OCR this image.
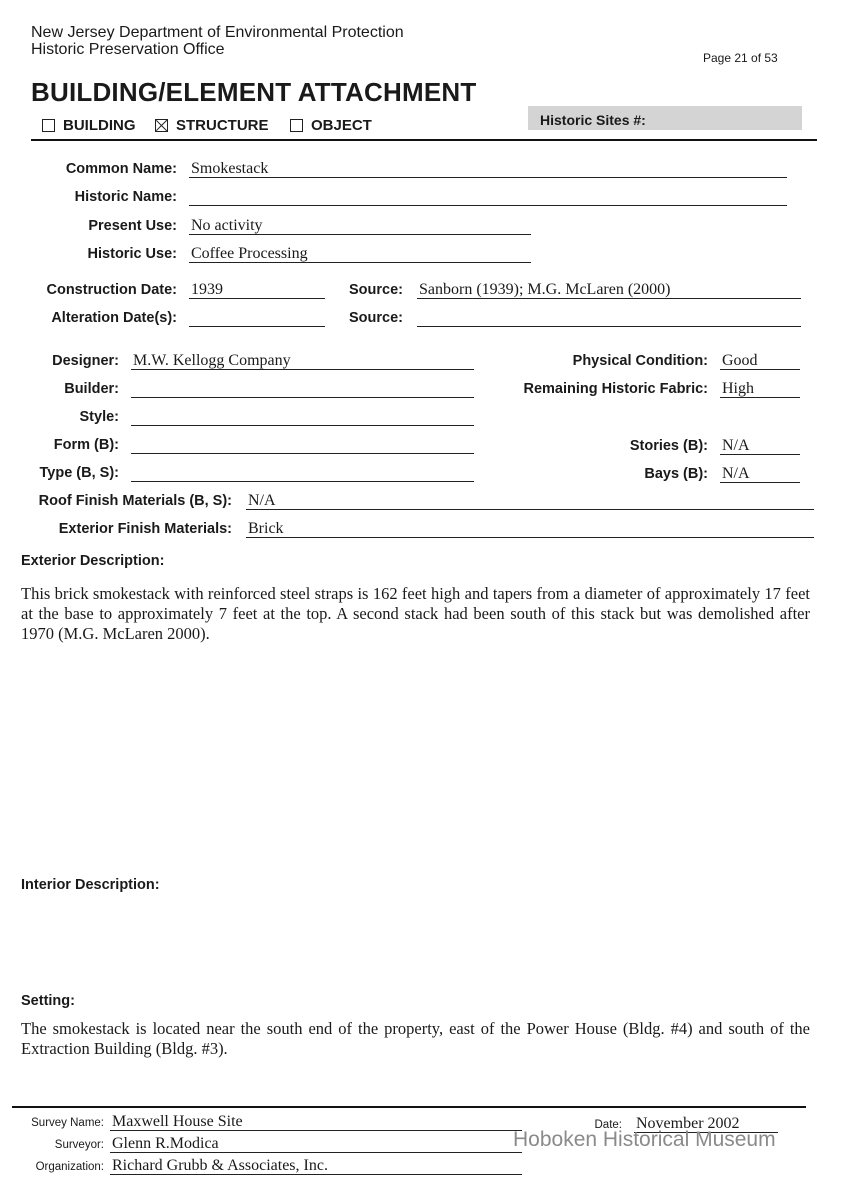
New Jersey Department of Environmental Protection
Historic Preservation Office	Page 21 of 53
BUILDING/ELEMENT ATTACHMENT
BUILDING	STRUCTURE	OBJECT	Historic Sites #:
Common Name: Smokestack
Historic Name:
Present Use: No activity
Historic Use: Coffee Processing
Construction Date: 1939	Source: Sanborn (1939); M.G. McLaren (2000)
Alteration Date(s):	Source:
Designer: M.W. Kellogg Company
Builder:
Style:
Form (B):
Type (B, S):
Physical Condition: Good
Remaining Historic Fabric: High
Stories (B): N/A
Bays (B): N/A
Roof Finish Materials (B, S): N/A
Exterior Finish Materials: Brick
Exterior Description:
This brick smokestack with reinforced steel straps is 162 feet high and tapers from a diameter of approximately 17 feet at the base to approximately 7 feet at the top. A second stack had been south of this stack but was demolished after 1970 (M.G. McLaren 2000).
Interior Description:
Setting:
The smokestack is located near the south end of the property, east of the Power House (Bldg. #4) and south of the Extraction Building (Bldg. #3).
Survey Name: Maxwell House Site
Surveyor: Glenn R.Modica
Organization: Richard Grubb & Associates, Inc.
Date: November 2002
Hoboken Historical Museum
